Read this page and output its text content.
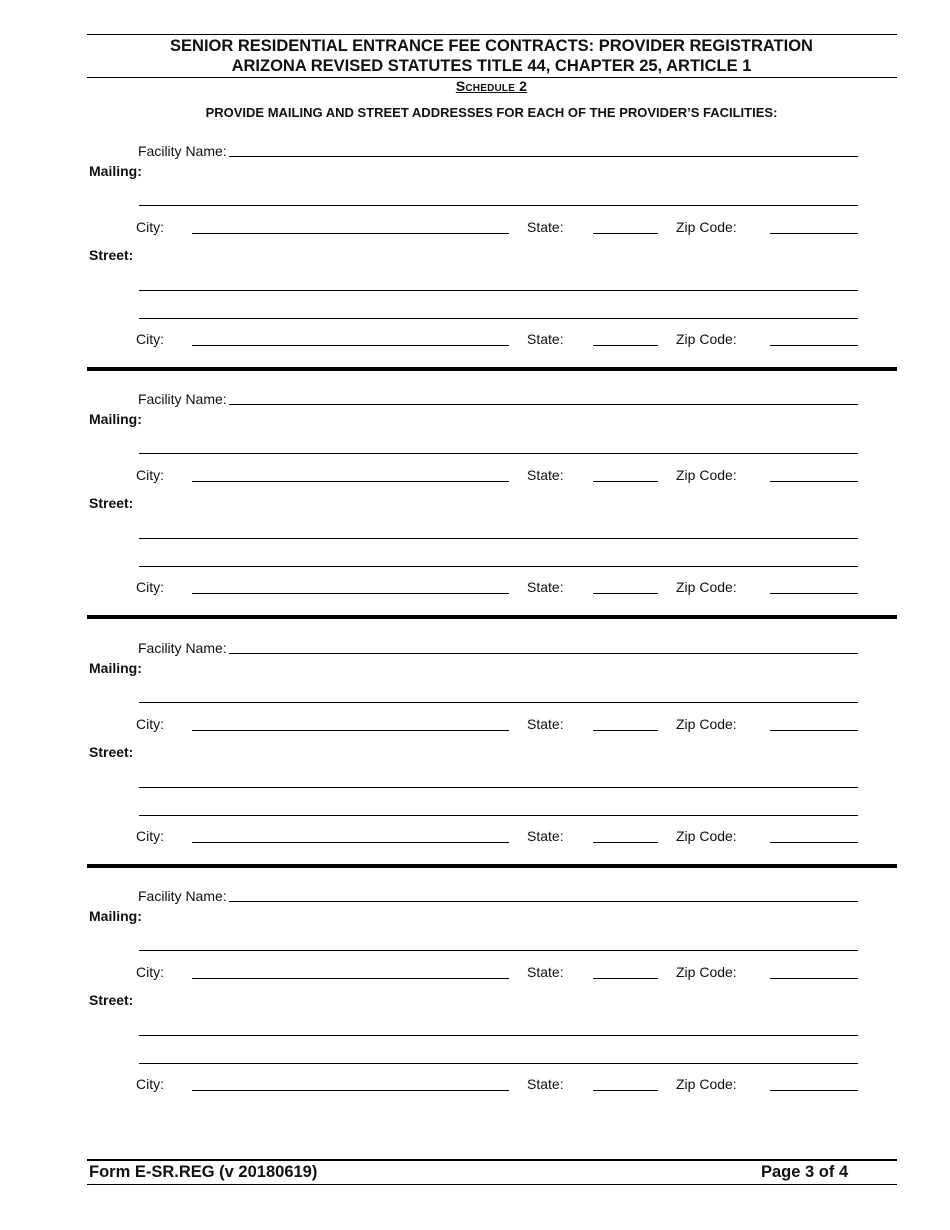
SENIOR RESIDENTIAL ENTRANCE FEE CONTRACTS: PROVIDER REGISTRATION
ARIZONA REVISED STATUTES TITLE 44, CHAPTER 25, ARTICLE 1
Schedule 2
PROVIDE MAILING AND STREET ADDRESSES FOR EACH OF THE PROVIDER’S FACILITIES:
Facility Name:
Mailing:
City:	State:	Zip Code:
Street:
City:	State:	Zip Code:
Facility Name:
Mailing:
City:	State:	Zip Code:
Street:
City:	State:	Zip Code:
Facility Name:
Mailing:
City:	State:	Zip Code:
Street:
City:	State:	Zip Code:
Facility Name:
Mailing:
City:	State:	Zip Code:
Street:
City:	State:	Zip Code:
Form E-SR.REG (v 20180619)	Page 3 of 4
